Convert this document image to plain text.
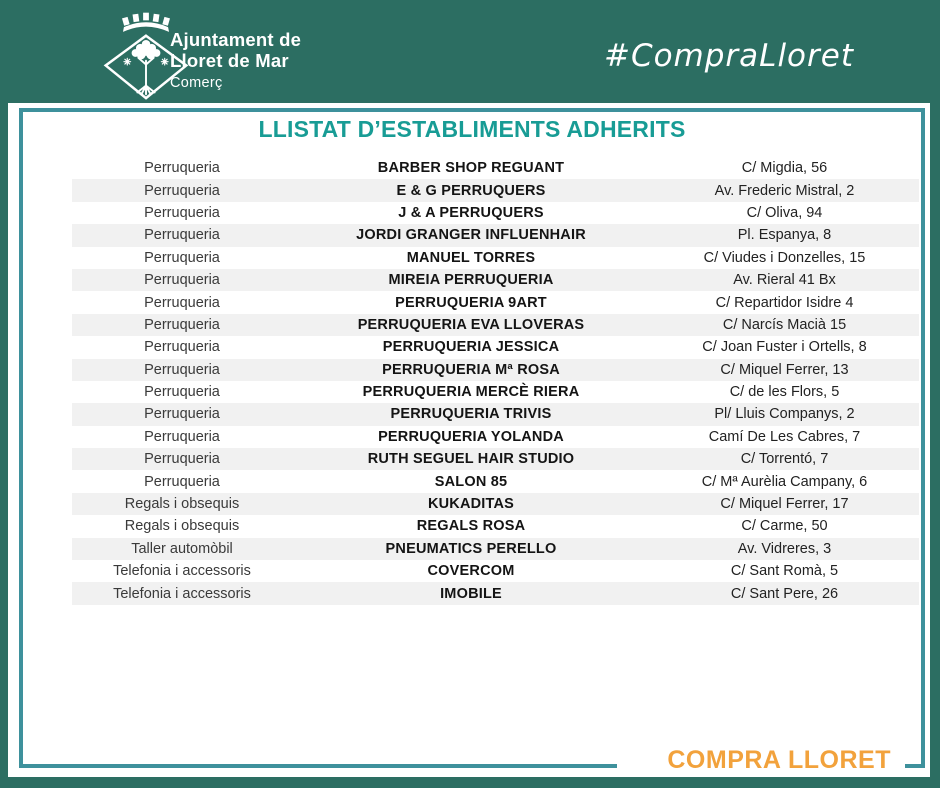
Ajuntament de
Lloret de Mar
Comerç
#CompraLloret
LLISTAT D’ESTABLIMENTS ADHERITS
Perruqueria	BARBER SHOP REGUANT	C/ Migdia, 56
Perruqueria	E & G PERRUQUERS	Av. Frederic Mistral, 2
Perruqueria	J & A PERRUQUERS	C/ Oliva, 94
Perruqueria	JORDI GRANGER INFLUENHAIR	Pl. Espanya, 8
Perruqueria	MANUEL TORRES	C/ Viudes i Donzelles, 15
Perruqueria	MIREIA PERRUQUERIA	Av. Rieral 41 Bx
Perruqueria	PERRUQUERIA 9ART	C/ Repartidor Isidre 4
Perruqueria	PERRUQUERIA EVA LLOVERAS	C/ Narcís Macià 15
Perruqueria	PERRUQUERIA JESSICA	C/ Joan Fuster i Ortells, 8
Perruqueria	PERRUQUERIA Mª ROSA	C/ Miquel Ferrer, 13
Perruqueria	PERRUQUERIA MERCÈ RIERA	C/ de les Flors, 5
Perruqueria	PERRUQUERIA TRIVIS	Pl/ Lluis Companys, 2
Perruqueria	PERRUQUERIA YOLANDA	Camí De Les Cabres, 7
Perruqueria	RUTH SEGUEL HAIR STUDIO	C/ Torrentó, 7
Perruqueria	SALON 85	C/ Mª Aurèlia Campany, 6
Regals i obsequis	KUKADITAS	C/ Miquel Ferrer, 17
Regals i obsequis	REGALS ROSA	C/ Carme, 50
Taller automòbil	PNEUMATICS PERELLO	Av. Vidreres, 3
Telefonia i accessoris	COVERCOM	C/ Sant Romà, 5
Telefonia i accessoris	IMOBILE	C/ Sant Pere, 26
COMPRA LLORET
